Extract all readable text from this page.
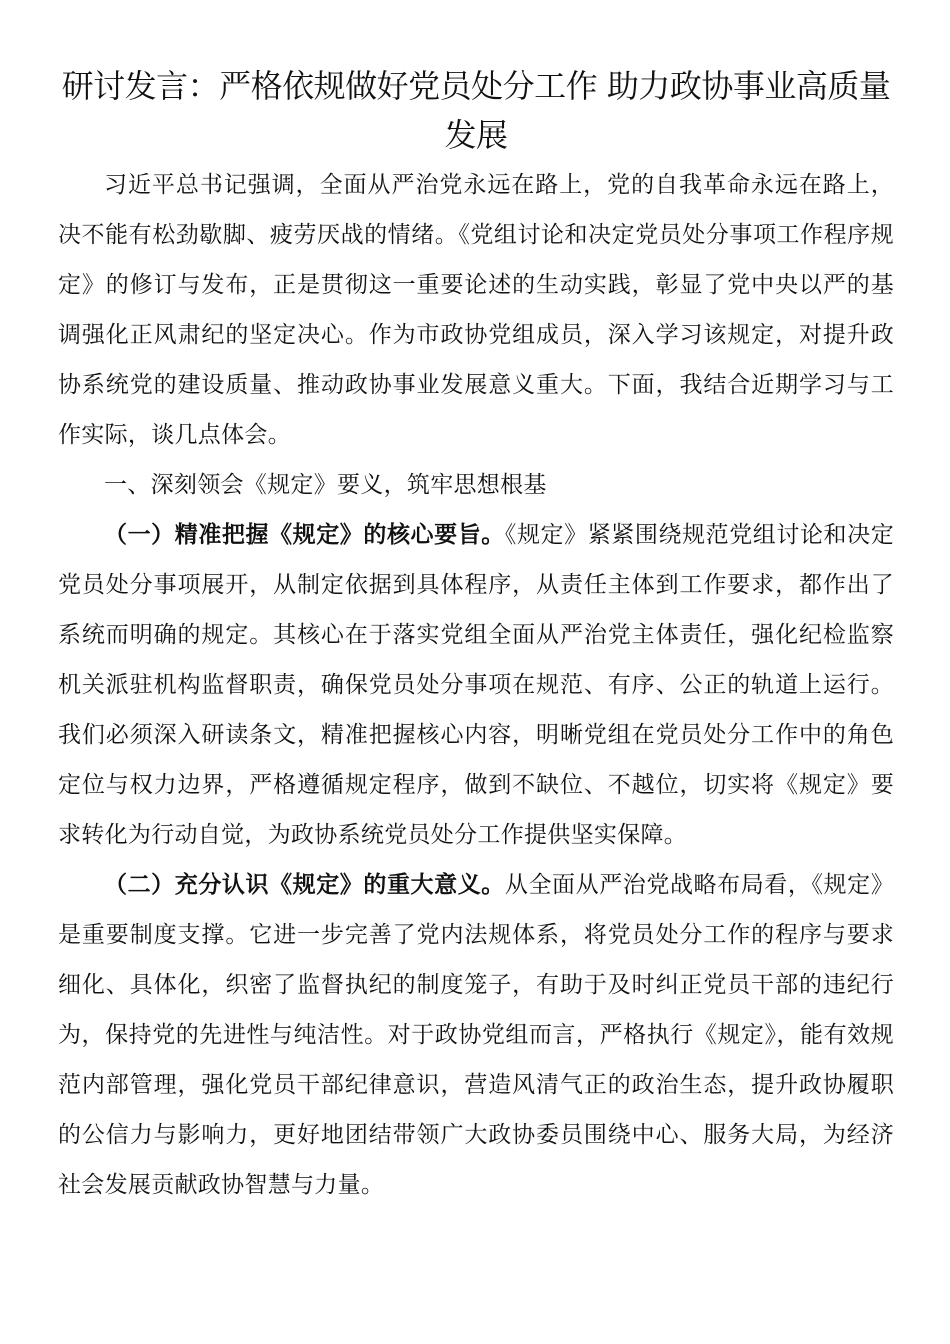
研讨发言：严格依规做好党员处分工作 助力政协事业高质量发展

习近平总书记强调，全面从严治党永远在路上，党的自我革命永远在路上，决不能有松劲歇脚、疲劳厌战的情绪。《党组讨论和决定党员处分事项工作程序规定》的修订与发布，正是贯彻这一重要论述的生动实践，彰显了党中央以严的基调强化正风肃纪的坚定决心。作为市政协党组成员，深入学习该规定，对提升政协系统党的建设质量、推动政协事业发展意义重大。下面，我结合近期学习与工作实际，谈几点体会。

一、深刻领会《规定》要义，筑牢思想根基

（一）精准把握《规定》的核心要旨。《规定》紧紧围绕规范党组讨论和决定党员处分事项展开，从制定依据到具体程序，从责任主体到工作要求，都作出了系统而明确的规定。其核心在于落实党组全面从严治党主体责任，强化纪检监察机关派驻机构监督职责，确保党员处分事项在规范、有序、公正的轨道上运行。我们必须深入研读条文，精准把握核心内容，明晰党组在党员处分工作中的角色定位与权力边界，严格遵循规定程序，做到不缺位、不越位，切实将《规定》要求转化为行动自觉，为政协系统党员处分工作提供坚实保障。

（二）充分认识《规定》的重大意义。从全面从严治党战略布局看，《规定》是重要制度支撑。它进一步完善了党内法规体系，将党员处分工作的程序与要求细化、具体化，织密了监督执纪的制度笼子，有助于及时纠正党员干部的违纪行为，保持党的先进性与纯洁性。对于政协党组而言，严格执行《规定》，能有效规范内部管理，强化党员干部纪律意识，营造风清气正的政治生态，提升政协履职的公信力与影响力，更好地团结带领广大政协委员围绕中心、服务大局，为经济社会发展贡献政协智慧与力量。
